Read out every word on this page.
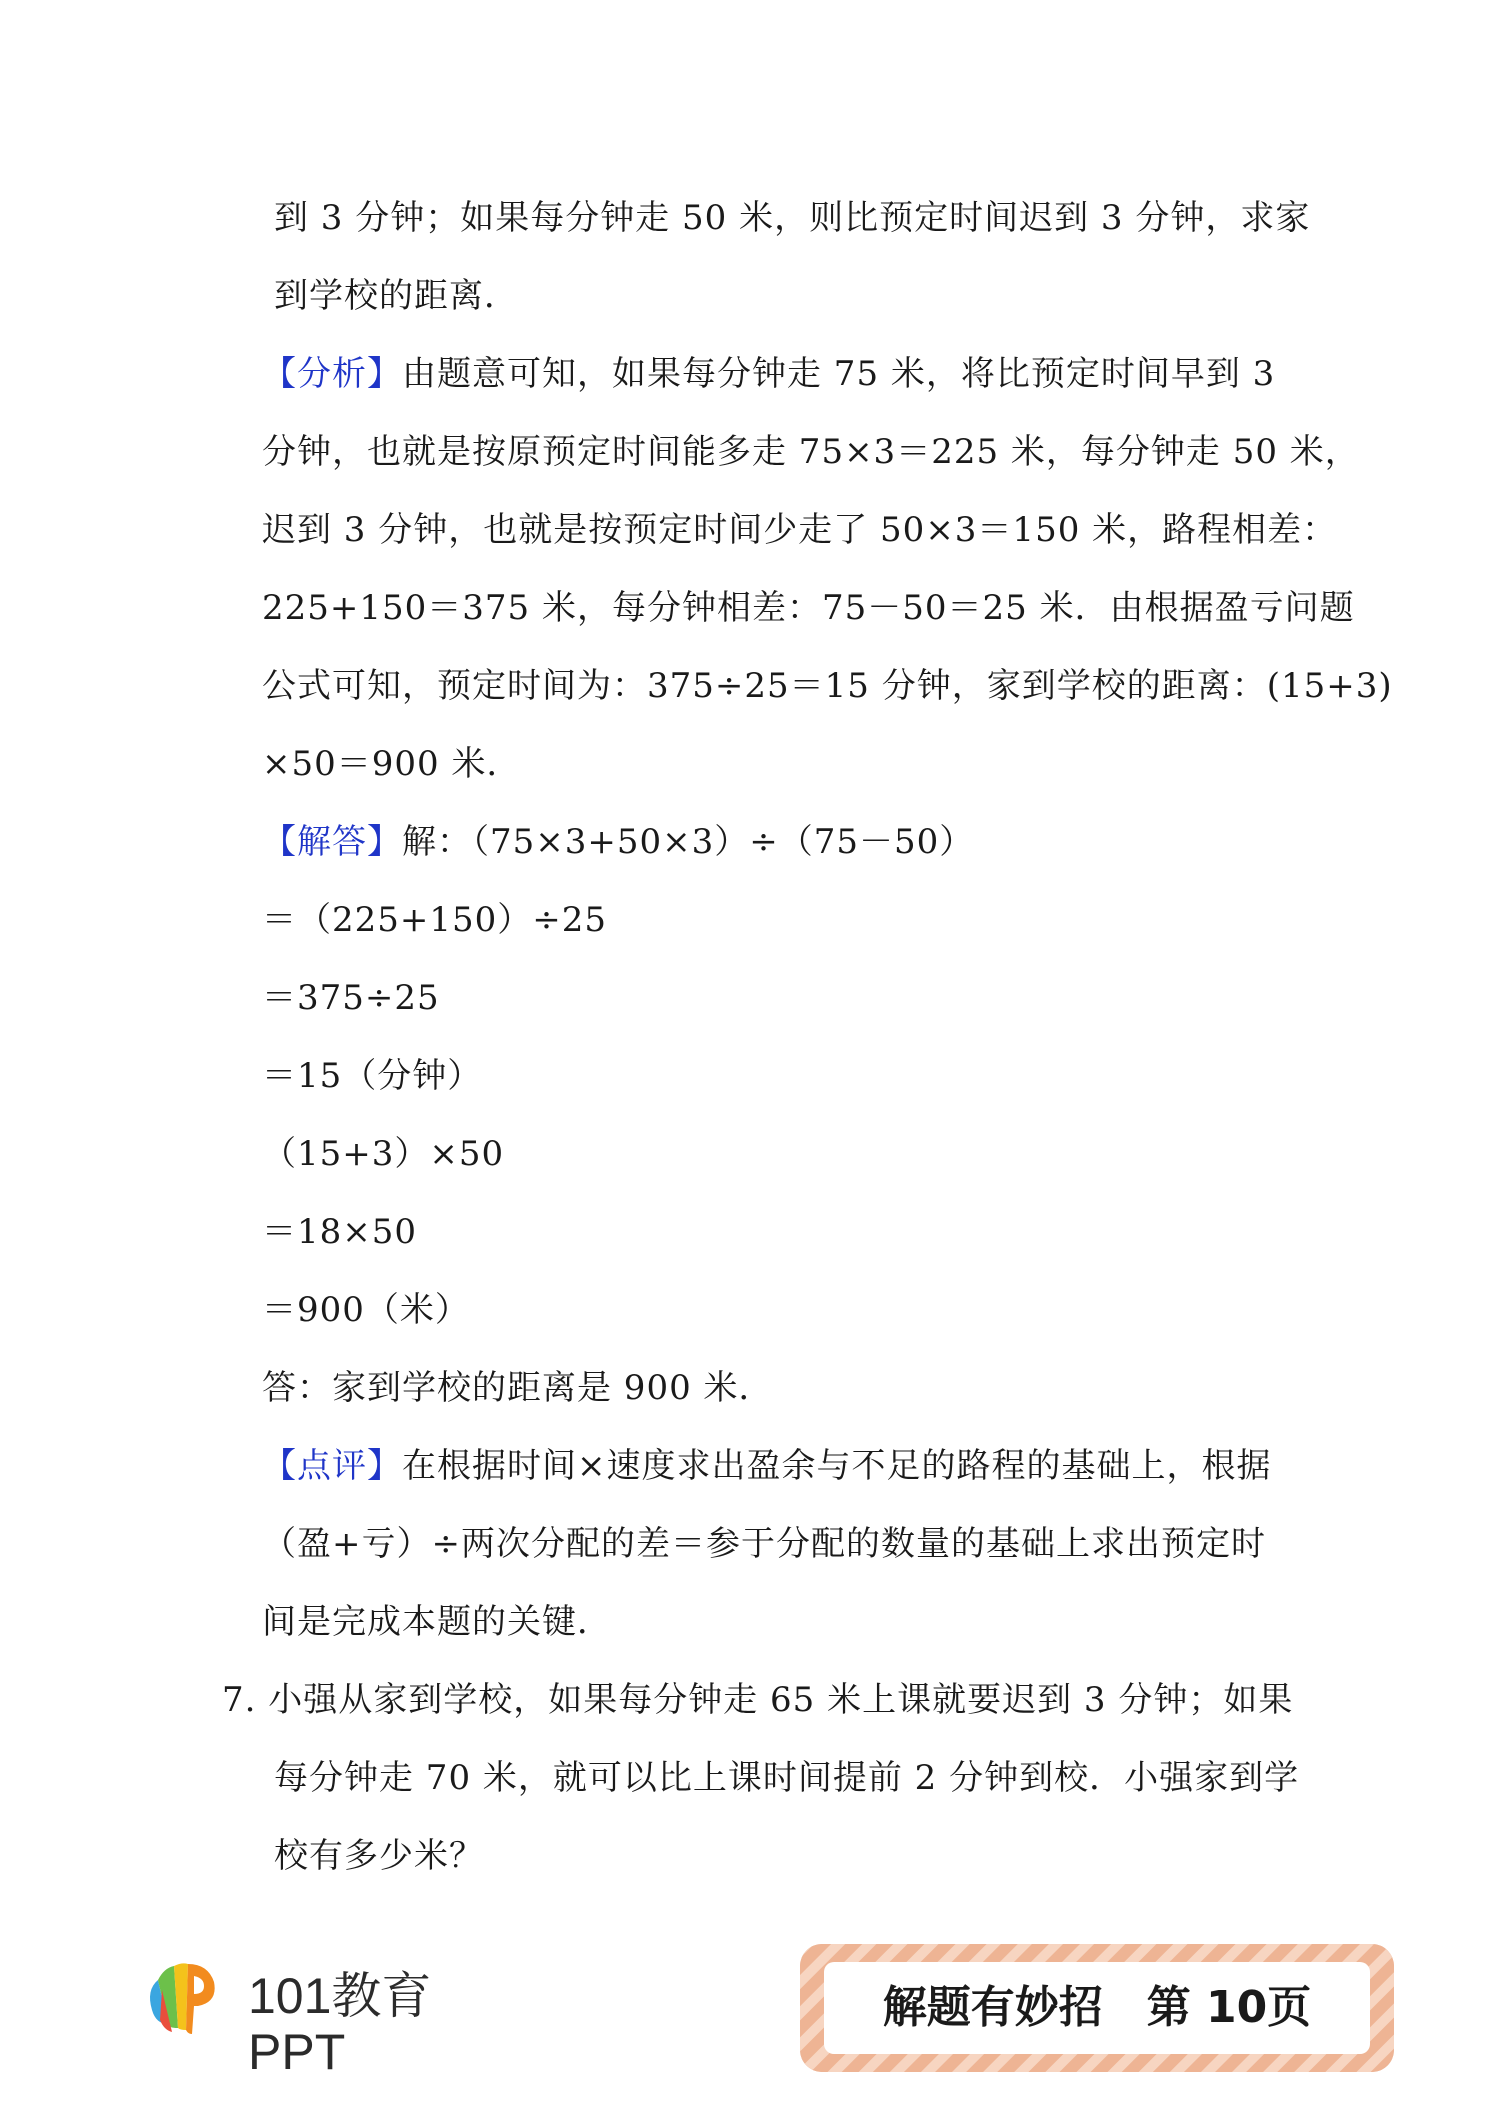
到 3 分钟；如果每分钟走 50 米，则比预定时间迟到 3 分钟，求家
到学校的距离．
【分析】由题意可知，如果每分钟走 75 米，将比预定时间早到 3
分钟，也就是按原预定时间能多走 75×3＝225 米，每分钟走 50 米，
迟到 3 分钟，也就是按预定时间少走了 50×3＝150 米，路程相差：
225+150＝375 米，每分钟相差：75－50＝25 米．由根据盈亏问题
公式可知，预定时间为：375÷25＝15 分钟，家到学校的距离：(15+3)
×50＝900 米．
【解答】解：（75×3+50×3）÷（75－50）
＝（225+150）÷25
＝375÷25
＝15（分钟）
（15+3）×50
＝18×50
＝900（米）
答：家到学校的距离是 900 米．
【点评】在根据时间×速度求出盈余与不足的路程的基础上，根据
（盈+亏）÷两次分配的差＝参于分配的数量的基础上求出预定时
间是完成本题的关键．
7. 小强从家到学校，如果每分钟走 65 米上课就要迟到 3 分钟；如果
每分钟走 70 米，就可以比上课时间提前 2 分钟到校．小强家到学
校有多少米？
101教育PPT
解题有妙招 第 10页
